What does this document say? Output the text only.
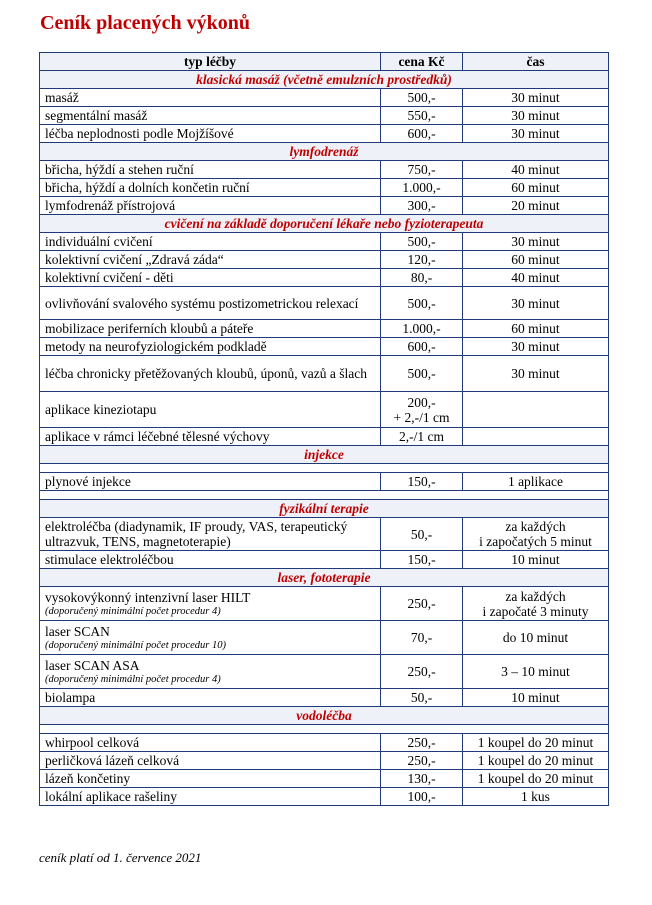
Ceník placených výkonů
typ léčby	cena Kč	čas
klasická masáž (včetně emulzních prostředků)		
masáž	500,-	30 minut
segmentální masáž	550,-	30 minut
léčba neplodnosti podle Mojžíšové	600,-	30 minut
lymfodrenáž		
břicha, hýždí a stehen ruční	750,-	40 minut
břicha, hýždí a dolních končetin ruční	1.000,-	60 minut
lymfodrenáž přístrojová	300,-	20 minut
cvičení na základě doporučení lékaře nebo fyzioterapeuta		
individuální cvičení	500,-	30 minut
kolektivní cvičení „Zdravá záda“	120,-	60 minut
kolektivní cvičení - děti	80,-	40 minut
ovlivňování svalového systému postizometrickou relexací	500,-	30 minut
mobilizace periferních kloubů a páteře	1.000,-	60 minut
metody na neurofyziologickém podkladě	600,-	30 minut
léčba chronicky přetěžovaných kloubů, úponů, vazů a šlach	500,-	30 minut
aplikace kineziotapu	200,-
+ 2,-/1 cm	

aplikace v rámci léčebné tělesné výchovy	2,-/1 cm	
injekce		

plynové injekce	150,-	1 aplikace

fyzikální terapie		
elektroléčba (diadynamik, IF proudy, VAS, terapeutický ultrazvuk, TENS, magnetoterapie)	50,-	za každých
i započatých 5 minut

stimulace elektroléčbou	150,-	10 minut
laser, fototerapie		

vysokovýkonný intenzivní laser HILT
(doporučený minimální počet procedur 4)	250,-	za každých
i započaté 3 minuty

laser SCAN
(doporučený minimální počet procedur 10)	70,-	do 10 minut

laser SCAN ASA
(doporučený minimální počet procedur 4)	250,-	3 – 10 minut
biolampa	50,-	10 minut
vodoléčba		

whirpool celková	250,-	1 koupel do 20 minut
perličková lázeň celková	250,-	1 koupel do 20 minut
lázeň končetiny	130,-	1 koupel do 20 minut
lokální aplikace rašeliny	100,-	1 kus

ceník platí od 1. července 2021
